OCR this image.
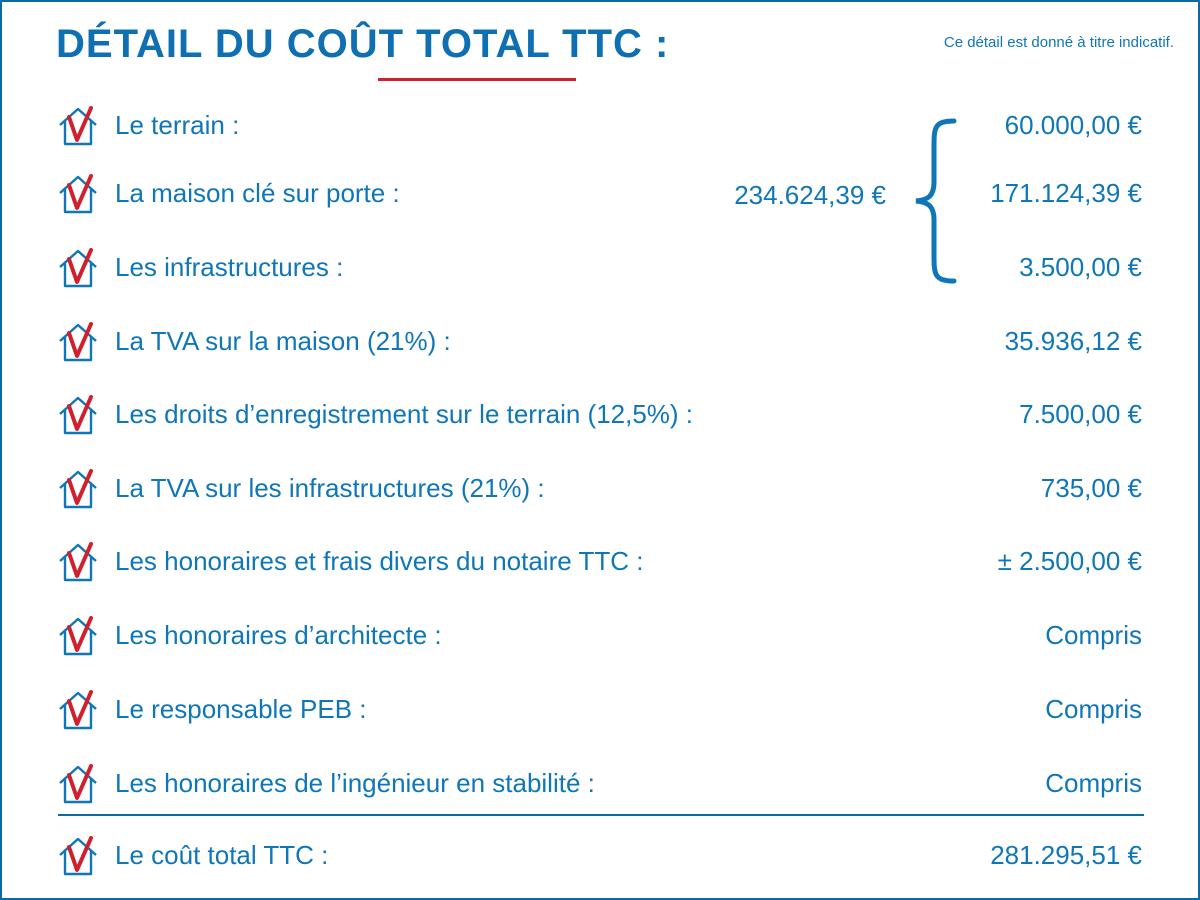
DÉTAIL DU COÛT TOTAL TTC :	Ce détail est donné à titre indicatif.
Le terrain :	60.000,00 €
La maison clé sur porte :	171.124,39 €
Les infrastructures :	3.500,00 €
234.624,39 €
La TVA sur la maison (21%) :	35.936,12 €
Les droits d’enregistrement sur le terrain (12,5%) :	7.500,00 €
La TVA sur les infrastructures (21%) :	735,00 €
Les honoraires et frais divers du notaire TTC :	± 2.500,00 €
Les honoraires d’architecte :	Compris
Le responsable PEB :	Compris
Les honoraires de l’ingénieur en stabilité :	Compris
Le coût total TTC :	281.295,51 €
